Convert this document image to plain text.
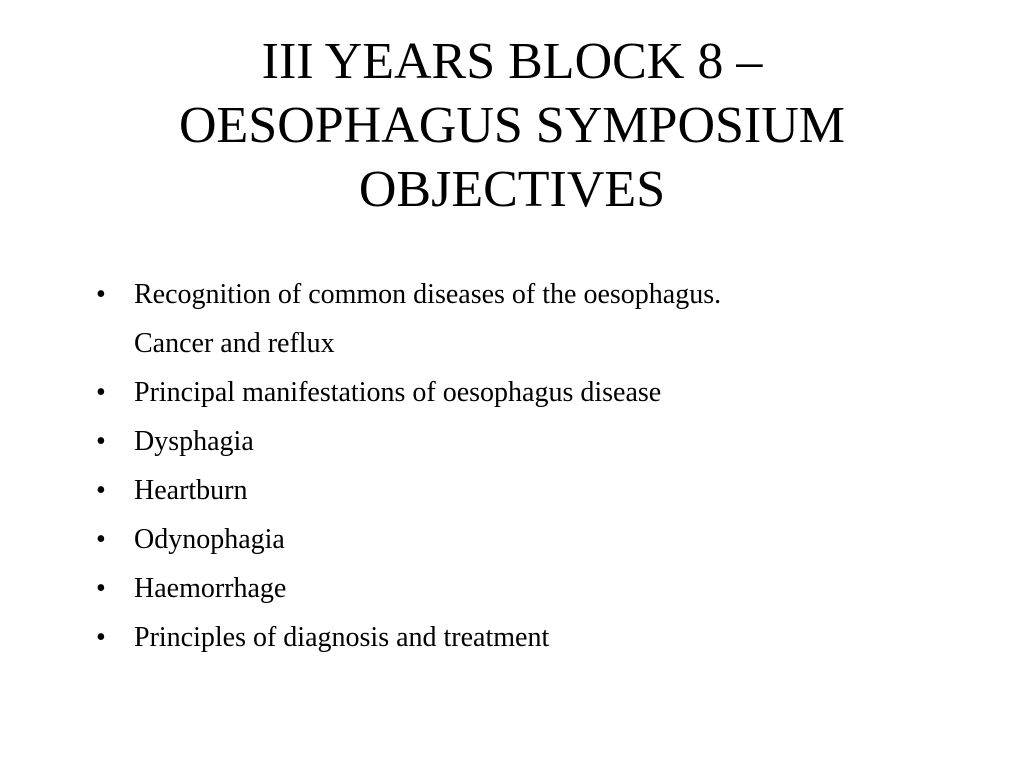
III YEARS BLOCK 8 –
OESOPHAGUS SYMPOSIUM
OBJECTIVES
• Recognition of common diseases of the oesophagus.
Cancer and reflux
• Principal manifestations of oesophagus disease
• Dysphagia
• Heartburn
• Odynophagia
• Haemorrhage
• Principles of diagnosis and treatment
